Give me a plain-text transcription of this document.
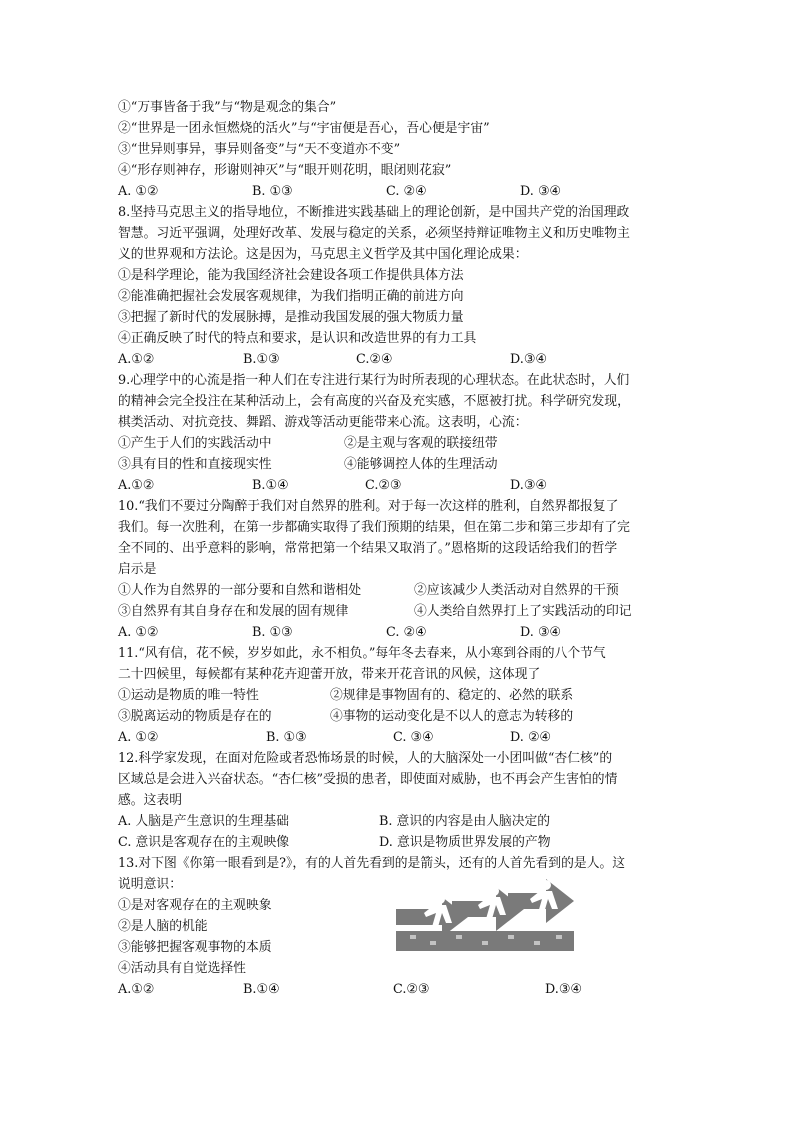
①“万事皆备于我”与“物是观念的集合”
②“世界是一团永恒燃烧的活火”与“宇宙便是吾心，吾心便是宇宙”
③“世异则事异，事异则备变”与“天不变道亦不变”
④“形存则神存，形谢则神灭”与“眼开则花明，眼闭则花寂”
A. ①②	B. ①③	C. ②④	D. ③④
8.坚持马克思主义的指导地位，不断推进实践基础上的理论创新，是中国共产党的治国理政
智慧。习近平强调，处理好改革、发展与稳定的关系，必须坚持辩证唯物主义和历史唯物主
义的世界观和方法论。这是因为，马克思主义哲学及其中国化理论成果：
①是科学理论，能为我国经济社会建设各项工作提供具体方法
②能准确把握社会发展客观规律，为我们指明正确的前进方向
③把握了新时代的发展脉搏，是推动我国发展的强大物质力量
④正确反映了时代的特点和要求，是认识和改造世界的有力工具
A.①②	B.①③	C.②④	D.③④
9.心理学中的心流是指一种人们在专注进行某行为时所表现的心理状态。在此状态时，人们
的精神会完全投注在某种活动上，会有高度的兴奋及充实感，不愿被打扰。科学研究发现，
棋类活动、对抗竞技、舞蹈、游戏等活动更能带来心流。这表明，心流：
①产生于人们的实践活动中	②是主观与客观的联接纽带
③具有目的性和直接现实性	④能够调控人体的生理活动
A.①②	B.①④	C.②③	D.③④
10.“我们不要过分陶醉于我们对自然界的胜利。对于每一次这样的胜利，自然界都报复了
我们。每一次胜利，在第一步都确实取得了我们预期的结果，但在第二步和第三步却有了完
全不同的、出乎意料的影响，常常把第一个结果又取消了。”恩格斯的这段话给我们的哲学
启示是
①人作为自然界的一部分要和自然和谐相处	②应该减少人类活动对自然界的干预
③自然界有其自身存在和发展的固有规律	④人类给自然界打上了实践活动的印记
A. ①②	B. ①③	C. ②④	D. ③④
11.“风有信，花不候，岁岁如此，永不相负。”每年冬去春来，从小寒到谷雨的八个节气
二十四候里，每候都有某种花卉迎蕾开放，带来开花音讯的风候，这体现了
①运动是物质的唯一特性	②规律是事物固有的、稳定的、必然的联系
③脱离运动的物质是存在的	④事物的运动变化是不以人的意志为转移的
A. ①②	B. ①③	C. ③④	D. ②④
12.科学家发现，在面对危险或者恐怖场景的时候，人的大脑深处一小团叫做“杏仁核”的
区域总是会进入兴奋状态。“杏仁核”受损的患者，即使面对威胁，也不再会产生害怕的情
感。这表明
A. 人脑是产生意识的生理基础	B. 意识的内容是由人脑决定的
C. 意识是客观存在的主观映像	D. 意识是物质世界发展的产物
13.对下图《你第一眼看到是?》，有的人首先看到的是箭头，还有的人首先看到的是人。这
说明意识：
①是对客观存在的主观映象
②是人脑的机能
③能够把握客观事物的本质
④活动具有自觉选择性
A.①②	B.①④	C.②③	D.③④
